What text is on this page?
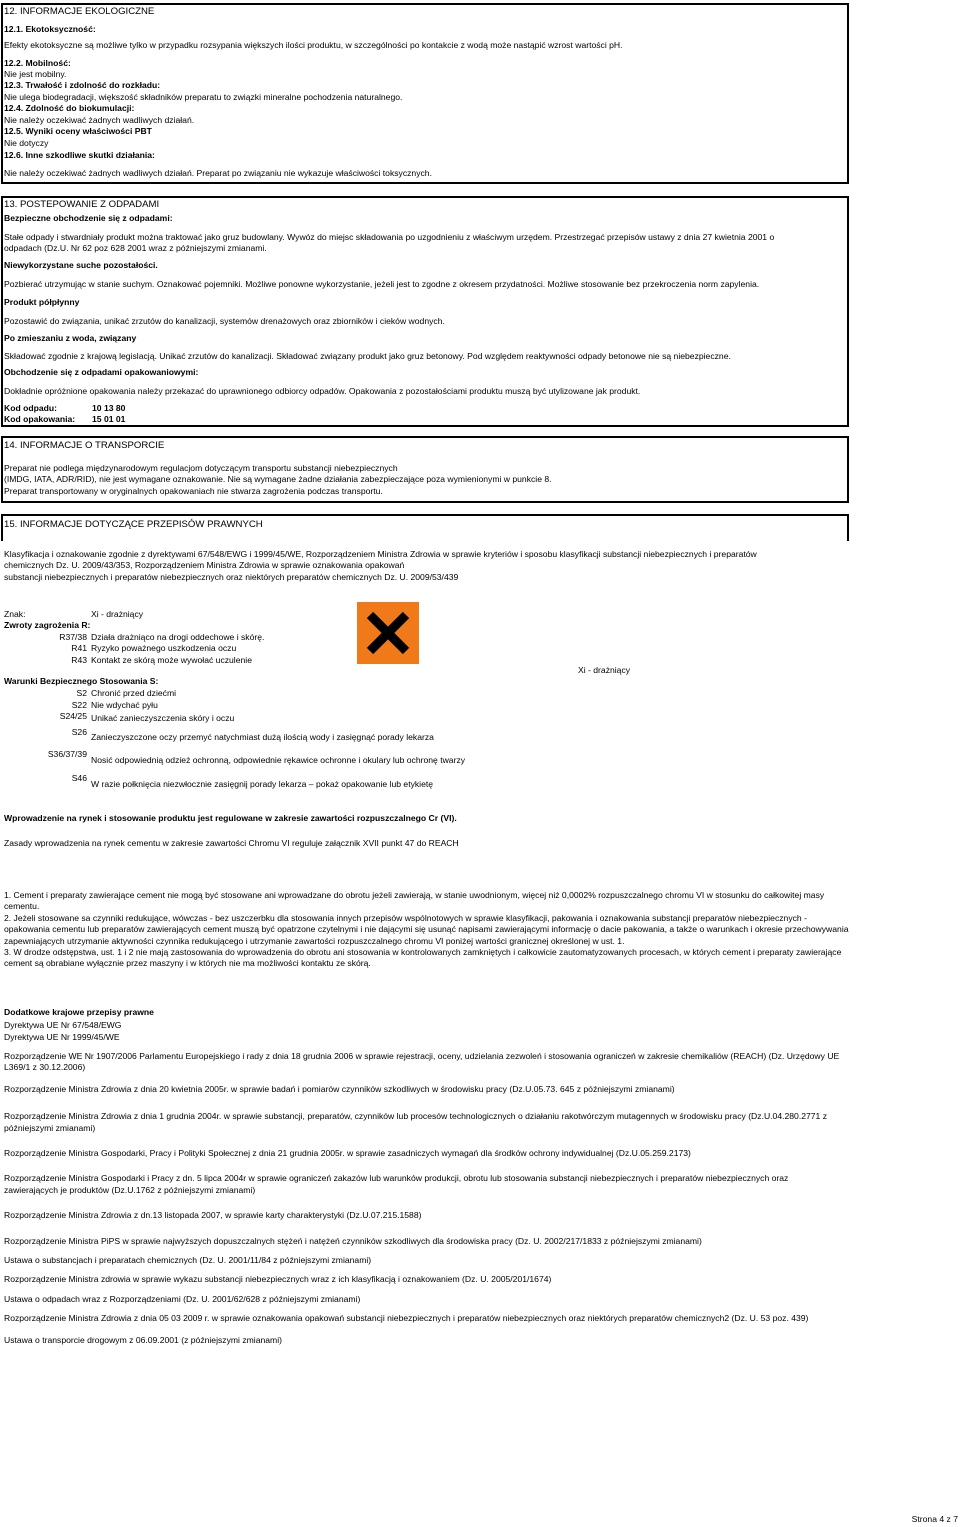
12. INFORMACJE EKOLOGICZNE
12.1. Ekotoksyczność:
Efekty ekotoksyczne są możliwe tylko w przypadku rozsypania większych ilości produktu, w szczególności po kontakcie z wodą może nastąpić wzrost wartości pH.
12.2. Mobilność:
Nie jest mobilny.
12.3. Trwałość i zdolność do rozkładu:
Nie ulega biodegradacji, większość składników preparatu to związki mineralne pochodzenia naturalnego.
12.4. Zdolność do biokumulacji:
Nie należy oczekiwać żadnych wadliwych działań.
12.5. Wyniki oceny właściwości PBT
Nie dotyczy
12.6. Inne szkodliwe skutki działania:
Nie należy oczekiwać żadnych wadliwych działań. Preparat po związaniu nie wykazuje właściwości toksycznych.
13. POSTEPOWANIE Z ODPADAMI
Bezpieczne obchodzenie się z odpadami:
Stałe odpady i stwardniały produkt można traktować jako gruz budowlany. Wywóz do miejsc składowania po uzgodnieniu z właściwym urzędem. Przestrzegać przepisów ustawy z dnia 27 kwietnia 2001 o
odpadach (Dz.U. Nr 62 poz 628 2001 wraz z późniejszymi zmianami.
Niewykorzystane suche pozostałości.
Pozbierać utrzymując w stanie suchym. Oznakować pojemniki. Możliwe ponowne wykorzystanie, jeżeli jest to zgodne z okresem przydatności. Możliwe stosowanie bez przekroczenia norm zapylenia.
Produkt półpłynny
Pozostawić do związania, unikać zrzutów do kanalizacji, systemów drenażowych oraz zbiorników i cieków wodnych.
Po zmieszaniu z woda, związany
Składować zgodnie z krajową legislacją. Unikać zrzutów do kanalizacji. Składować związany produkt jako gruz betonowy. Pod względem reaktywności odpady betonowe nie są niebezpieczne.
Obchodzenie się z odpadami opakowaniowymi:
Dokładnie opróżnione opakowania należy przekazać do uprawnionego odbiorcy odpadów. Opakowania z pozostałościami produktu muszą być utylizowane jak produkt.
Kod odpadu:	10 13 80
Kod opakowania: 15 01 01
14. INFORMACJE O TRANSPORCIE
Preparat nie podlega międzynarodowym regulacjom dotyczącym transportu substancji niebezpiecznych
(IMDG, IATA, ADR/RID), nie jest wymagane oznakowanie. Nie są wymagane żadne działania zabezpieczające poza wymienionymi w punkcie 8.
Preparat transportowany w oryginalnych opakowaniach nie stwarza zagrożenia podczas transportu.
15. INFORMACJE DOTYCZĄCE PRZEPISÓW PRAWNYCH
Klasyfikacja i oznakowanie zgodnie z dyrektywami 67/548/EWG i 1999/45/WE, Rozporządzeniem Ministra Zdrowia w sprawie kryteriów i sposobu klasyfikacji substancji niebezpiecznych i preparatów
chemicznych Dz. U. 2009/43/353, Rozporządzeniem Ministra Zdrowia w sprawie oznakowania opakowań
substancji niebezpiecznych i preparatów niebezpiecznych oraz niektórych preparatów chemicznych Dz. U. 2009/53/439
Znak:	Xi - drażniący
Zwroty zagrożenia R:
Xi - drażniący
R37/38 Działa drażniąco na drogi oddechowe i skórę.
R41 Ryzyko poważnego uszkodzenia oczu
R43 Kontakt ze skórą może wywołać uczulenie
Warunki Bezpiecznego Stosowania S:
S2 Chronić przed dziećmi
S22 Nie wdychać pyłu
S24/25 Unikać zanieczyszczenia skóry i oczu
S26 Zanieczyszczone oczy przemyć natychmiast dużą ilością wody i zasięgnąć porady lekarza
S36/37/39
Nosić odpowiednią odzież ochronną, odpowiednie rękawice ochronne i okulary lub ochronę twarzy
S46
W razie połknięcia niezwłocznie zasięgnij porady lekarza – pokaż opakowanie lub etykietę
Wprowadzenie na rynek i stosowanie produktu jest regulowane w zakresie zawartości rozpuszczalnego Cr (VI).
Zasady wprowadzenia na rynek cementu w zakresie zawartości Chromu VI reguluje załącznik XVII punkt 47 do REACH

1. Cement i preparaty zawierające cement nie mogą być stosowane ani wprowadzane do obrotu jeżeli zawierają, w stanie uwodnionym, więcej niż 0,0002% rozpuszczalnego chromu VI w stosunku do całkowitej masy cementu.

2. Jeżeli stosowane sa czynniki redukujące, wówczas - bez uszczerbku dla stosowania innych przepisów wspólnotowych w sprawie klasyfikacji, pakowania i oznakowania substancji preparatów niebezpiecznych - opakowania cementu lub preparatów zawierających cement muszą być opatrzone czytelnymi i nie dającymi się usunąć napisami zawierającymi informację o dacie pakowania, a także o warunkach i okresie przechowywania zapewniających utrzymanie aktywności czynnika redukującego i utrzymanie zawartości rozpuszczalnego chromu VI poniżej wartości granicznej określonej w ust. 1.

3. W drodze odstępstwa, ust. 1 i 2 nie mają zastosowania do wprowadzenia do obrotu ani stosowania w kontrolowanych zamkniętych i całkowicie zautomatyzowanych procesach, w których cement i preparaty zawierające cement są obrabiane wyłącznie przez maszyny i w których nie ma możliwości kontaktu ze skórą.

Dodatkowe krajowe przepisy prawne
Dyrektywa UE Nr 67/548/EWG
Dyrektywa UE Nr 1999/45/WE

Rozporządzenie WE Nr 1907/2006 Parlamentu Europejskiego i rady z dnia 18 grudnia 2006 w sprawie rejestracji, oceny, udzielania zezwoleń i stosowania ograniczeń w zakresie chemikaliów (REACH) (Dz. Urzędowy UE L369/1 z 30.12.2006)

Rozporządzenie Ministra Zdrowia z dnia 20 kwietnia 2005r. w sprawie badań i pomiarów czynników szkodliwych w środowisku pracy (Dz.U.05.73. 645 z późniejszymi zmianami)

Rozporządzenie Ministra Zdrowia z dnia 1 grudnia 2004r. w sprawie substancji, preparatów, czynników lub procesów technologicznych o działaniu rakotwórczym mutagennych w środowisku pracy (Dz.U.04.280.2771 z późniejszymi zmianami)

Rozporządzenie Ministra Gospodarki, Pracy i Polityki Społecznej z dnia 21 grudnia 2005r. w sprawie zasadniczych wymagań dla środków ochrony indywidualnej (Dz.U.05.259.2173)

Rozporządzenie Ministra Gospodarki i Pracy z dn. 5 lipca 2004r w sprawie ograniczeń zakazów lub warunków produkcji, obrotu lub stosowania substancji niebezpiecznych i preparatów niebezpiecznych oraz zawierających je produktów (Dz.U.1762 z późniejszymi zmianami)

Rozporządzenie Ministra Zdrowia z dn.13 listopada 2007, w sprawie karty charakterystyki (Dz.U.07.215.1588)

Rozporządzenie Ministra PiPS w sprawie najwyższych dopuszczalnych stężeń i natężeń czynników szkodliwych dla środowiska pracy (Dz. U. 2002/217/1833 z późniejszymi zmianami)

Ustawa o substancjach i preparatach chemicznych (Dz. U. 2001/11/84 z późniejszymi zmianami)

Rozporządzenie Ministra zdrowia w sprawie wykazu substancji niebezpiecznych wraz z ich klasyfikacją i oznakowaniem (Dz. U. 2005/201/1674)

Ustawa o odpadach wraz z Rozporządzeniami (Dz. U. 2001/62/628 z późniejszymi zmianami)

Rozporządzenie Ministra Zdrowia z dnia 05 03 2009 r. w sprawie oznakowania opakowań substancji niebezpiecznych i preparatów niebezpiecznych oraz niektórych preparatów chemicznych2 (Dz. U. 53 poz. 439)

Ustawa o transporcie drogowym z 06.09.2001 (z późniejszymi zmianami)

Strona 4 z 7
